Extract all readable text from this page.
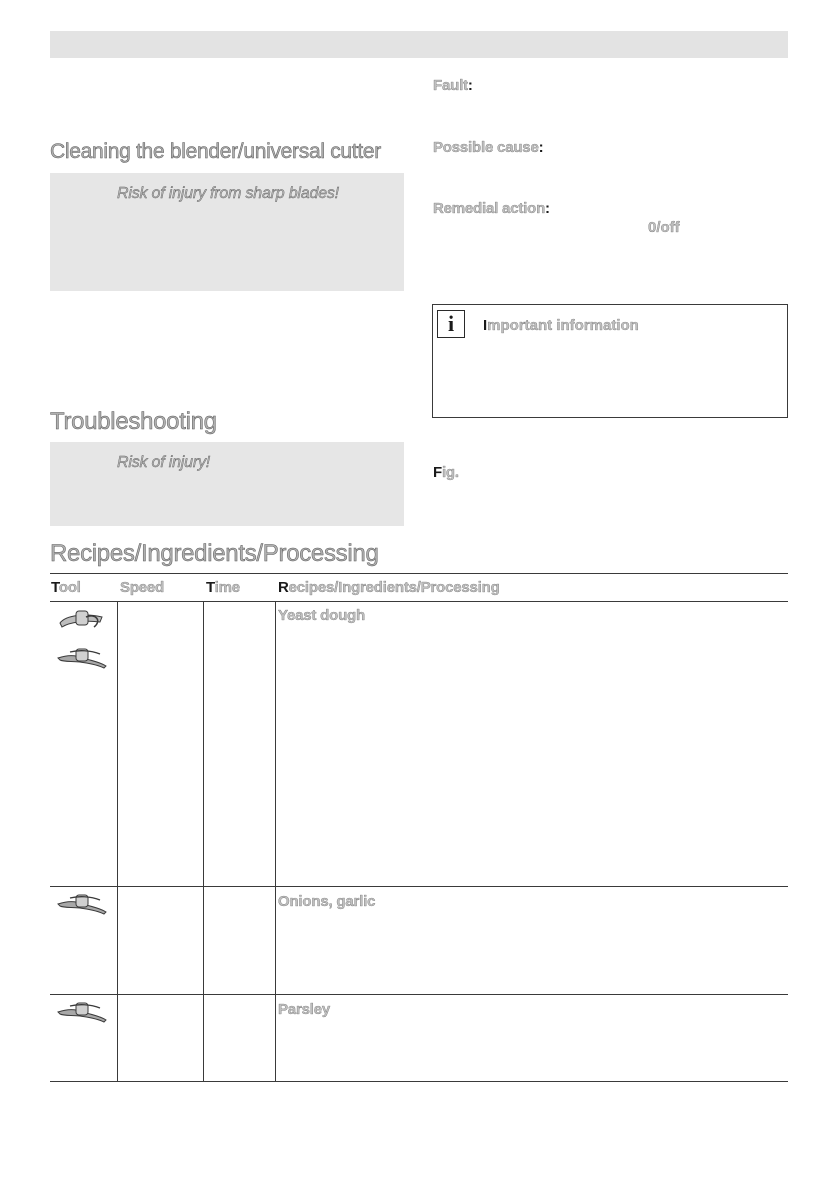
Cleaning the blender/universal cutter
Risk of injury from sharp blades!
Troubleshooting
Risk of injury!
Fault:
Possible cause:
Remedial action:
0/off
i	Important information
Fig.
Recipes/Ingredients/Processing
Tool	Speed	Time	Recipes/Ingredients/Processing
Yeast dough
Onions, garlic
Parsley
